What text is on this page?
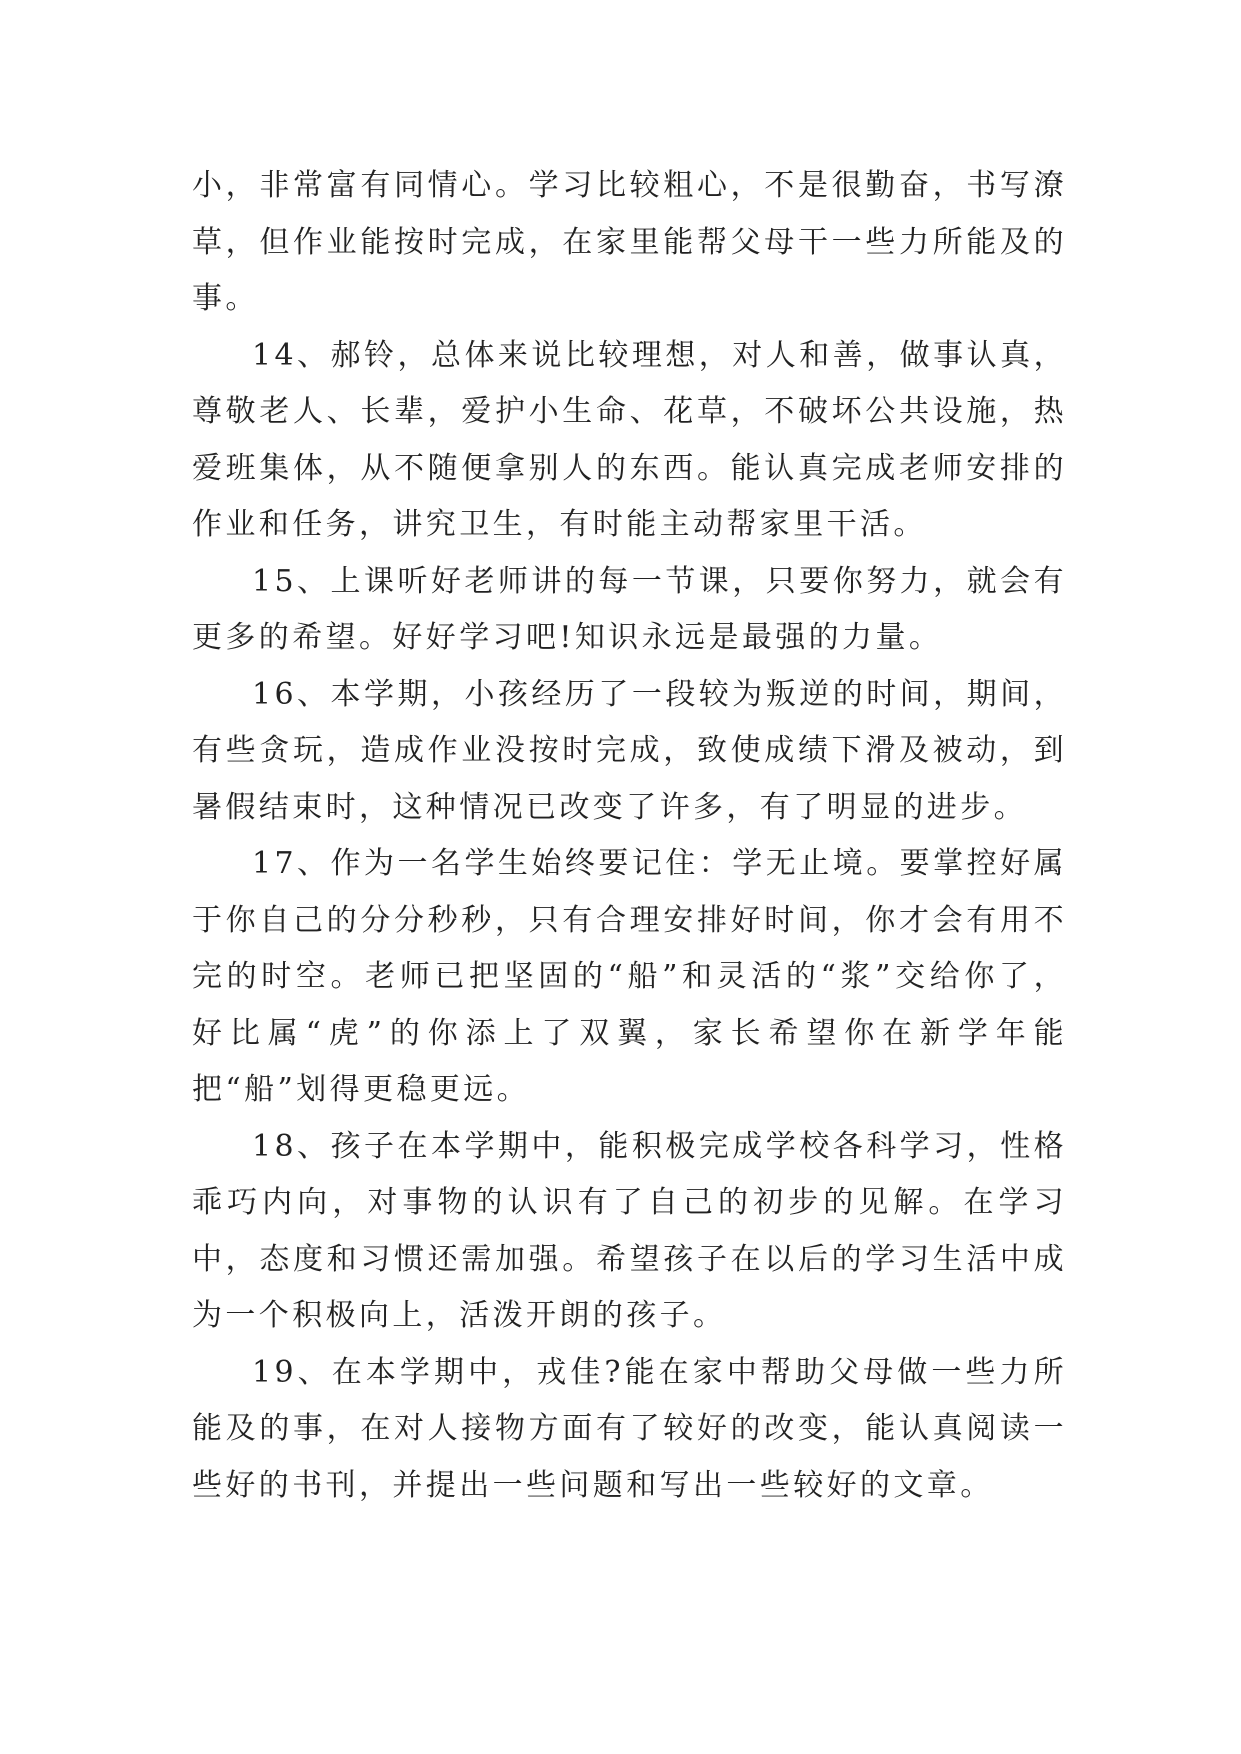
小，非常富有同情心。学习比较粗心，不是很勤奋，书写潦草，但作业能按时完成，在家里能帮父母干一些力所能及的事。

14、郝铃，总体来说比较理想，对人和善，做事认真，尊敬老人、长辈，爱护小生命、花草，不破坏公共设施，热爱班集体，从不随便拿别人的东西。能认真完成老师安排的作业和任务，讲究卫生，有时能主动帮家里干活。

15、上课听好老师讲的每一节课，只要你努力，就会有更多的希望。好好学习吧!知识永远是最强的力量。

16、本学期，小孩经历了一段较为叛逆的时间，期间，有些贪玩，造成作业没按时完成，致使成绩下滑及被动，到暑假结束时，这种情况已改变了许多，有了明显的进步。

17、作为一名学生始终要记住：学无止境。要掌控好属于你自己的分分秒秒，只有合理安排好时间，你才会有用不完的时空。老师已把坚固的“船”和灵活的“浆”交给你了，好比属“虎”的你添上了双翼，家长希望你在新学年能把“船”划得更稳更远。

18、孩子在本学期中，能积极完成学校各科学习，性格乖巧内向，对事物的认识有了自己的初步的见解。在学习中，态度和习惯还需加强。希望孩子在以后的学习生活中成为一个积极向上，活泼开朗的孩子。

19、在本学期中，戎佳?能在家中帮助父母做一些力所能及的事，在对人接物方面有了较好的改变，能认真阅读一些好的书刊，并提出一些问题和写出一些较好的文章。
